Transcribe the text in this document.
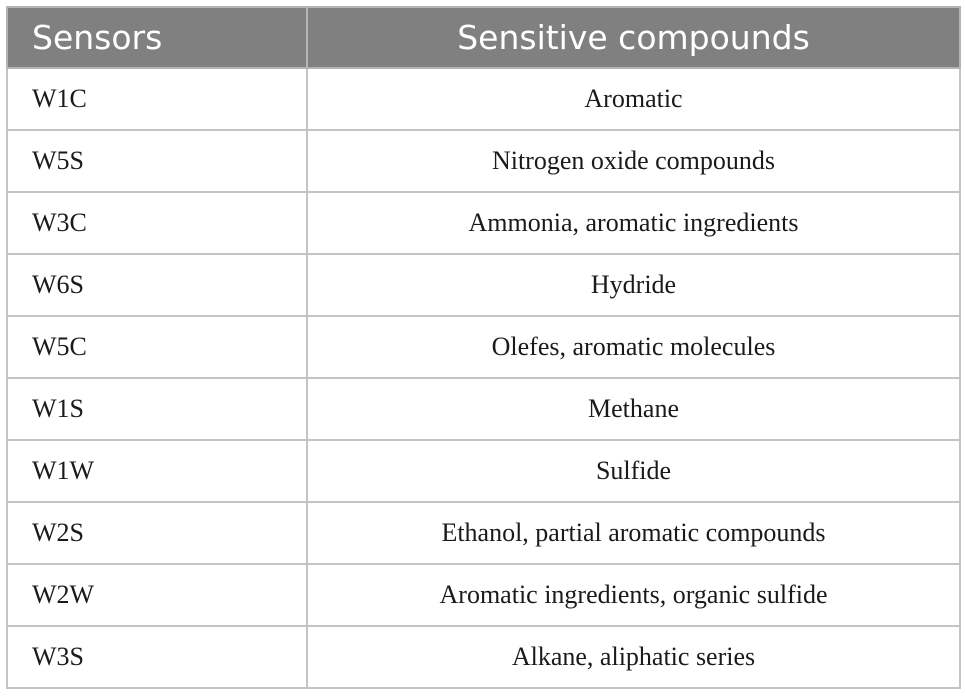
Sensors	Sensitive compounds
W1C	Aromatic
W5S	Nitrogen oxide compounds
W3C	Ammonia, aromatic ingredients
W6S	Hydride
W5C	Olefes, aromatic molecules
W1S	Methane
W1W	Sulfide
W2S	Ethanol, partial aromatic compounds
W2W	Aromatic ingredients, organic sulfide
W3S	Alkane, aliphatic series
